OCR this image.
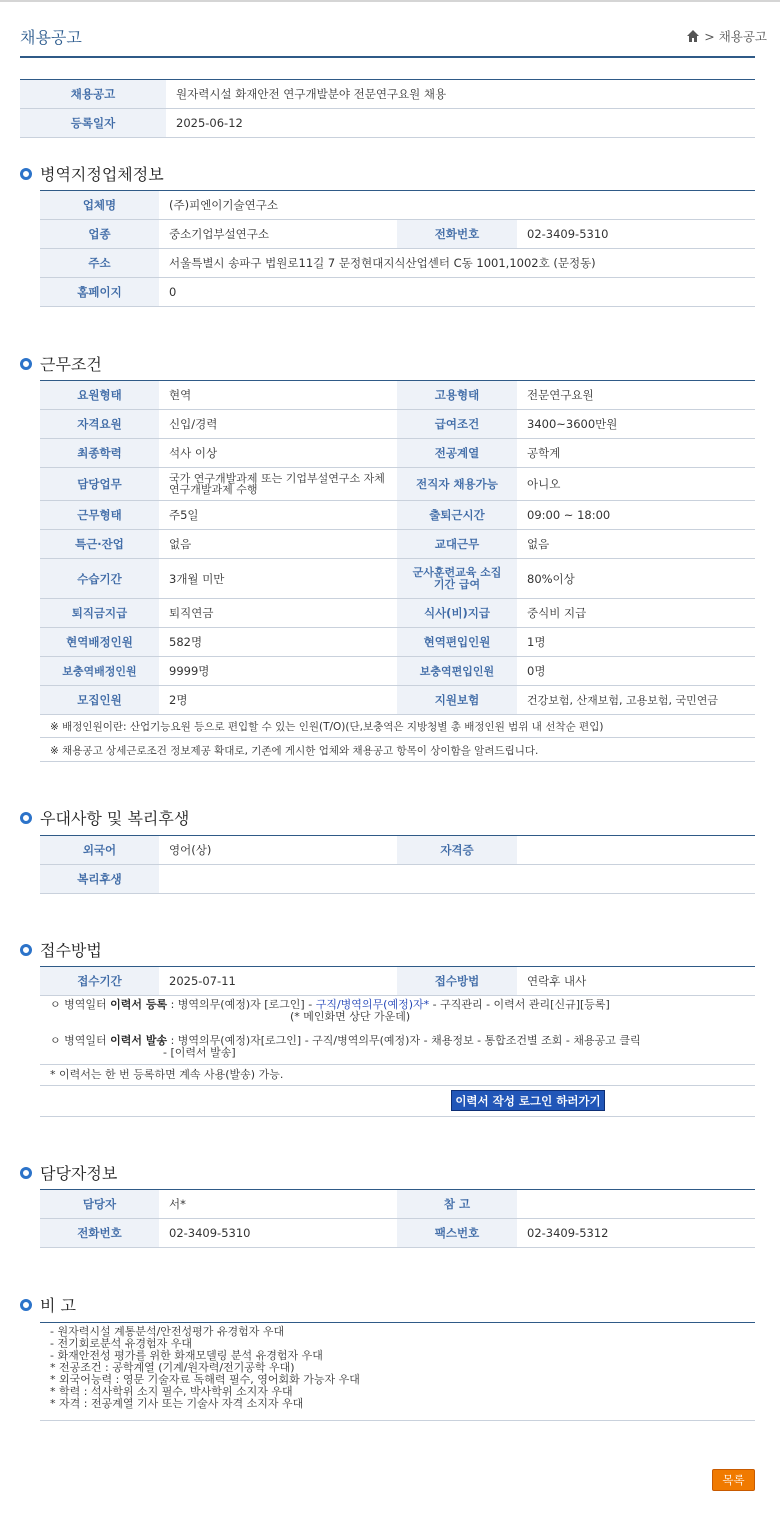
채용공고	> 채용공고
채용공고	원자력시설 화재안전 연구개발분야 전문연구요원 채용
등록일자	2025-06-12
병역지정업체정보
업체명	(주)피엔이기술연구소		
업종	중소기업부설연구소	전화번호	02-3409-5310
주소	서울특별시 송파구 법원로11길 7 문정현대지식산업센터 C동 1001,1002호 (문정동)		
홈페이지	0		
근무조건
요원형태	현역	고용형태	전문연구요원
자격요원	신입/경력	급여조건	3400~3600만원
최종학력	석사 이상	전공계열	공학계
담당업무	국가 연구개발과제 또는 기업부설연구소 자체 연구개발과제 수행	전직자 채용가능	아니오
근무형태	주5일	출퇴근시간	09:00 ~ 18:00
특근·잔업	없음	교대근무	없음
수습기간	3개월 미만	군사훈련교육 소집기간 급여	80%이상
퇴직금지급	퇴직연금	식사(비)지급	중식비 지급
현역배정인원	582명	현역편입인원	1명
보충역배정인원	9999명	보충역편입인원	0명
모집인원	2명	지원보험	건강보험, 산재보험, 고용보험, 국민연금
※ 배정인원이란: 산업기능요원 등으로 편입할 수 있는 인원(T/O)(단,보충역은 지방청별 총 배정인원 범위 내 선착순 편입)
※ 채용공고 상세근로조건 정보제공 확대로, 기존에 게시한 업체와 채용공고 항목이 상이함을 알려드립니다.
우대사항 및 복리후생
외국어	영어(상)	자격증	
복리후생			
접수방법
접수기간	2025-07-11	접수방법	연락후 내사
ㅇ 병역일터 이력서 등록 : 병역의무(예정)자 [로그인] - 구직/병역의무(예정)자* - 구직관리 - 이력서 관리[신규][등록]
(* 메인화면 상단 가운데)
ㅇ 병역일터 이력서 발송 : 병역의무(예정)자[로그인] - 구직/병역의무(예정)자 - 채용정보 - 통합조건별 조회 - 채용공고 클릭
- [이력서 발송]
* 이력서는 한 번 등록하면 계속 사용(발송) 가능.
이력서 작성 로그인 하러가기
담당자정보
담당자	서*	참 고	
전화번호	02-3409-5310	팩스번호	02-3409-5312
비 고
- 원자력시설 계통분석/안전성평가 유경험자 우대
- 전기회로분석 유경험자 우대
- 화재안전성 평가를 위한 화재모델링 분석 유경험자 우대
* 전공조건 : 공학계열 (기계/원자력/전기공학 우대)
* 외국어능력 : 영문 기술자료 독해력 필수, 영어회화 가능자 우대
* 학력 : 석사학위 소지 필수, 박사학위 소지자 우대
* 자격 : 전공계열 기사 또는 기술사 자격 소지자 우대
목록
